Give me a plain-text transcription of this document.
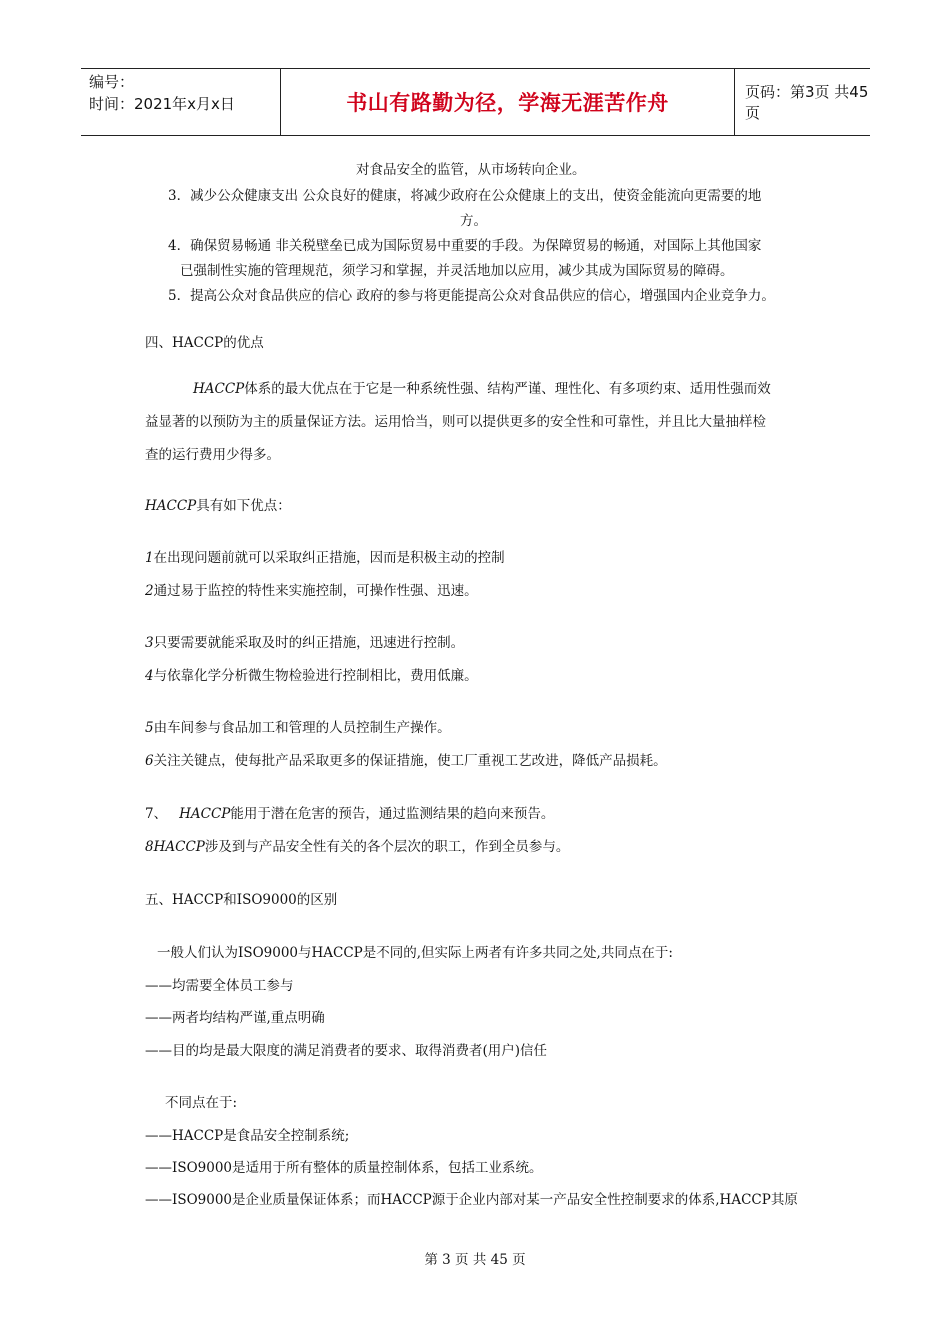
编号：
时间：2021年x月x日	书山有路勤为径，学海无涯苦作舟	页码：第3页 共45页
对食品安全的监管，从市场转向企业。
3．减少公众健康支出 公众良好的健康，将减少政府在公众健康上的支出，使资金能流向更需要的地
方。
4．确保贸易畅通 非关税壁垒已成为国际贸易中重要的手段。为保障贸易的畅通，对国际上其他国家
已强制性实施的管理规范，须学习和掌握，并灵活地加以应用，减少其成为国际贸易的障碍。
5．提高公众对食品供应的信心 政府的参与将更能提高公众对食品供应的信心，增强国内企业竞争力。
四、HACCP的优点
HACCP体系的最大优点在于它是一种系统性强、结构严谨、理性化、有多项约束、适用性强而效
益显著的以预防为主的质量保证方法。运用恰当，则可以提供更多的安全性和可靠性，并且比大量抽样检
查的运行费用少得多。
HACCP具有如下优点：
1在出现问题前就可以采取纠正措施，因而是积极主动的控制
2通过易于监控的特性来实施控制，可操作性强、迅速。
3只要需要就能采取及时的纠正措施，迅速进行控制。
4与依靠化学分析微生物检验进行控制相比，费用低廉。
5由车间参与食品加工和管理的人员控制生产操作。
6关注关键点，使每批产品采取更多的保证措施，使工厂重视工艺改进，降低产品损耗。
7、 HACCP能用于潜在危害的预告，通过监测结果的趋向来预告。
8HACCP涉及到与产品安全性有关的各个层次的职工，作到全员参与。
五、HACCP和ISO9000的区别
一般人们认为ISO9000与HACCP是不同的,但实际上两者有许多共同之处,共同点在于:
——均需要全体员工参与
——两者均结构严谨,重点明确
——目的均是最大限度的满足消费者的要求、取得消费者(用户)信任
不同点在于:
——HACCP是食品安全控制系统;
——ISO9000是适用于所有整体的质量控制体系，包括工业系统。
——ISO9000是企业质量保证体系；而HACCP源于企业内部对某一产品安全性控制要求的体系,HACCP其原
第 3 页 共 45 页
